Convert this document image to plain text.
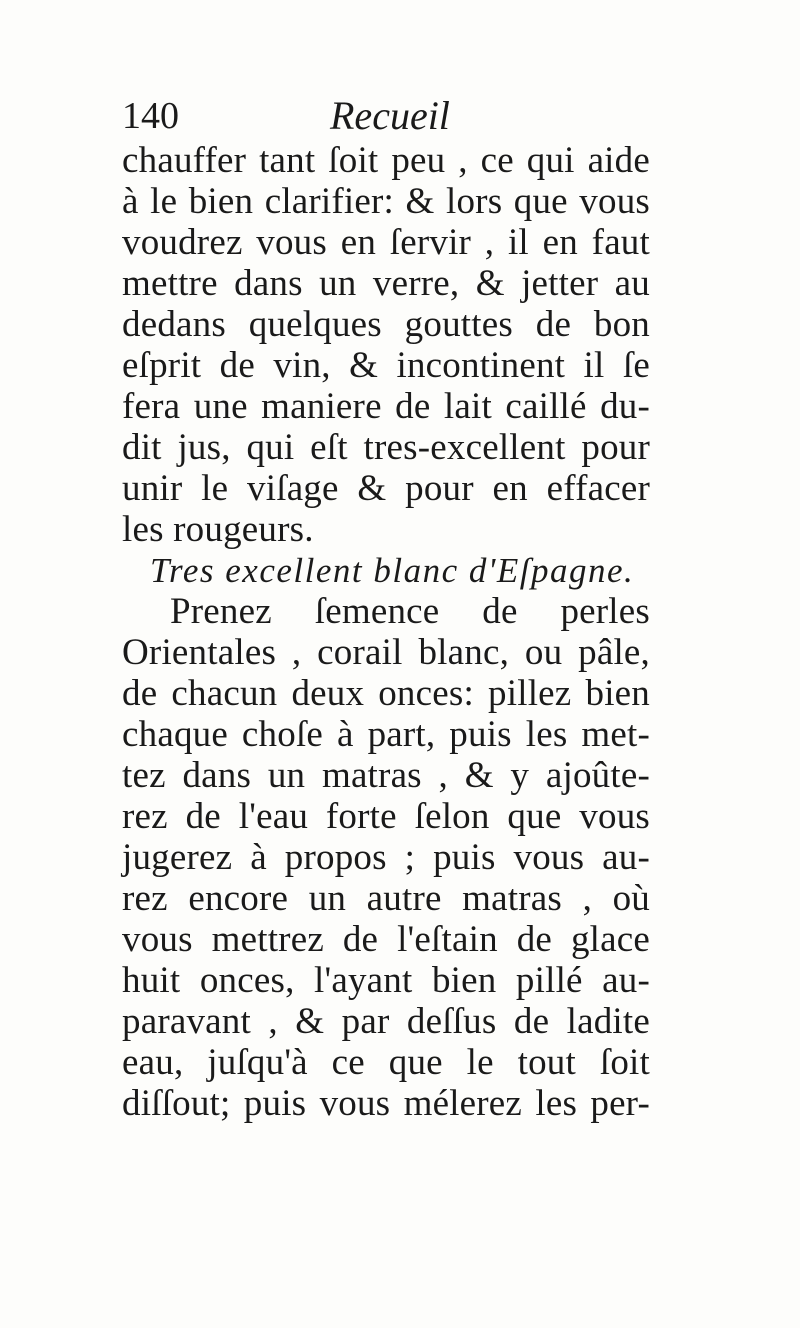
140	Recueil
chauffer tant ſoit peu , ce qui aide
à le bien clarifier: & lors que vous
voudrez vous en ſervir , il en faut
mettre dans un verre, & jetter au
dedans quelques gouttes de bon
eſprit de vin, & incontinent il ſe
fera une maniere de lait caillé du-
dit jus, qui eſt tres-excellent pour
unir le viſage & pour en effacer
les rougeurs.
Tres excellent blanc d'Eſpagne.
Prenez ſemence de perles
Orientales , corail blanc, ou pâle,
de chacun deux onces: pillez bien
chaque choſe à part, puis les met-
tez dans un matras , & y ajoûte-
rez de l'eau forte ſelon que vous
jugerez à propos ; puis vous au-
rez encore un autre matras , où
vous mettrez de l'eſtain de glace
huit onces, l'ayant bien pillé au-
paravant , & par deſſus de ladite
eau, juſqu'à ce que le tout ſoit
diſſout; puis vous mélerez les per-
